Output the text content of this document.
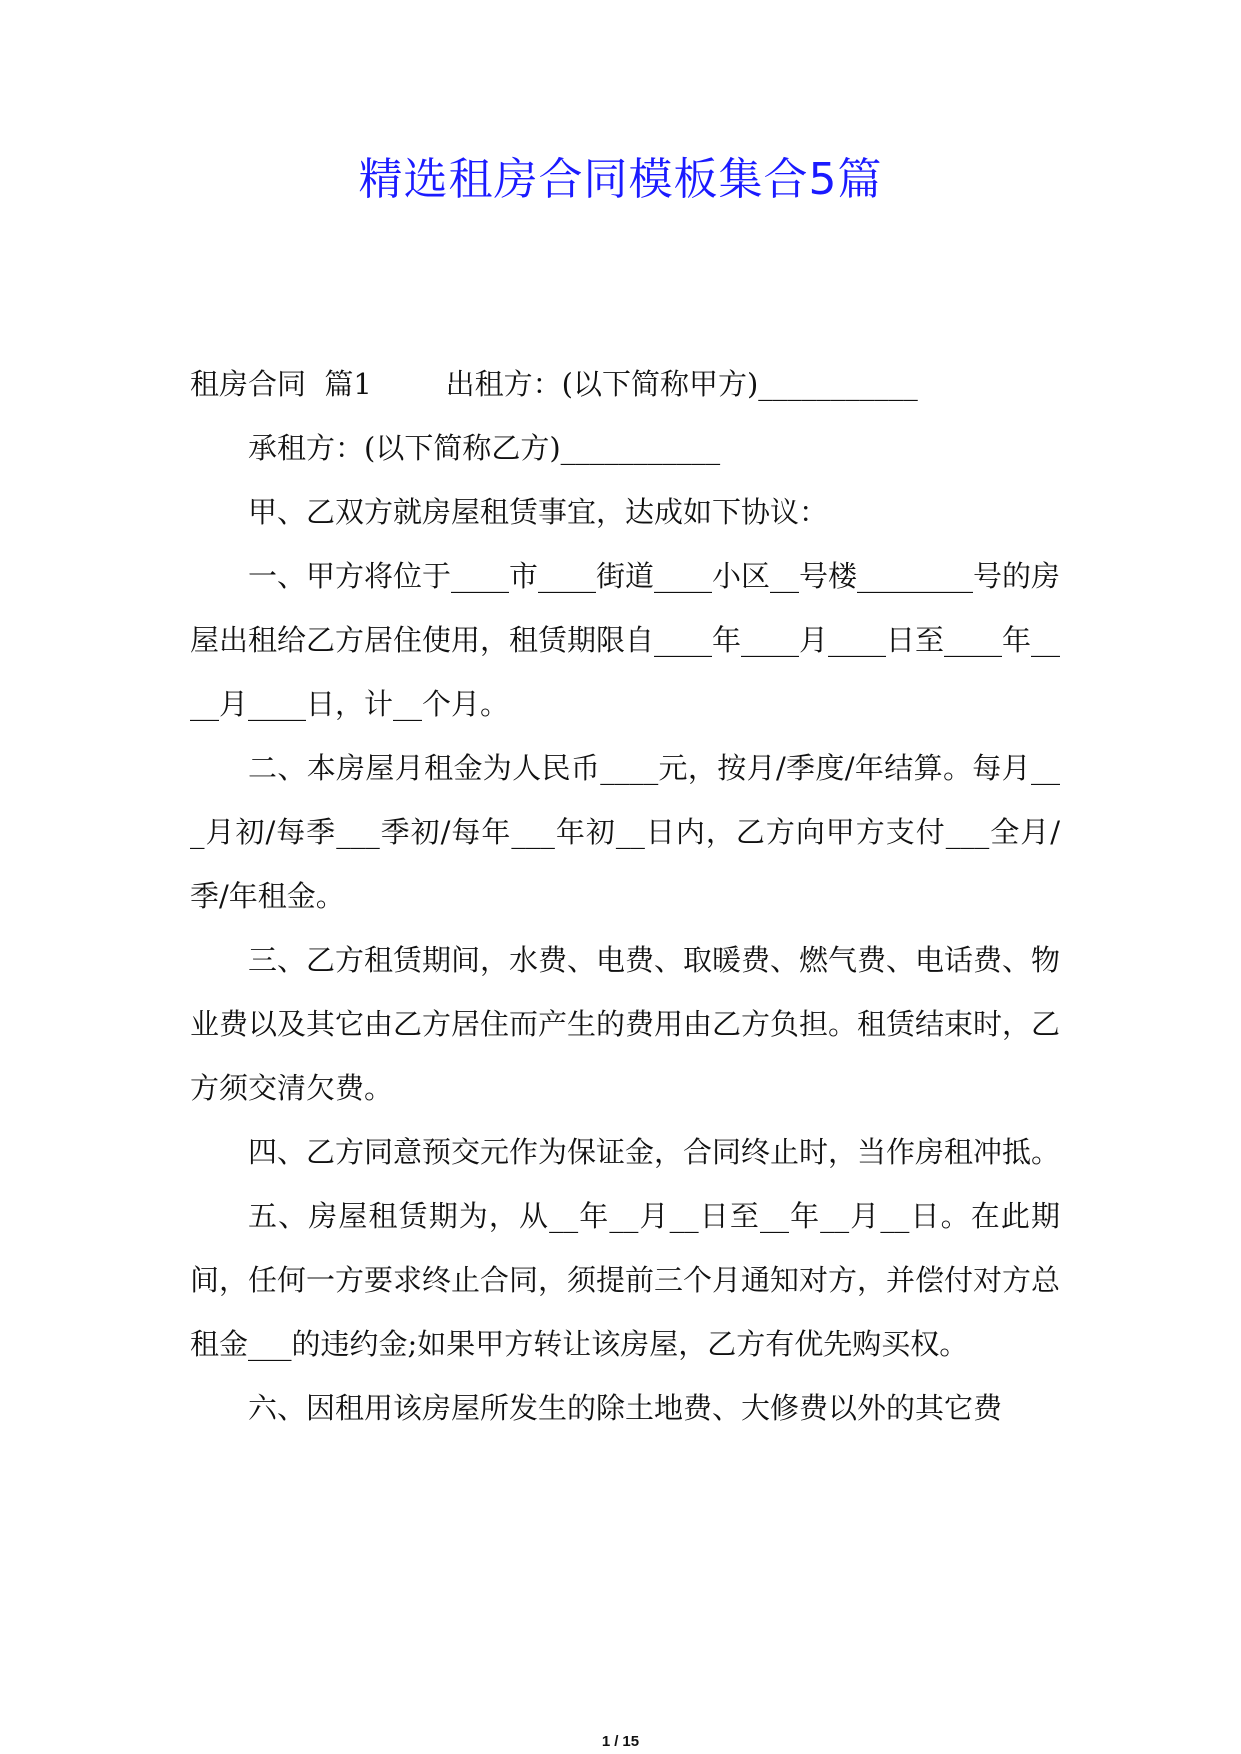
精选租房合同模板集合5篇

租房合同  篇1        出租方：(以下简称甲方)___________

承租方：(以下简称乙方)___________

甲、乙双方就房屋租赁事宜，达成如下协议：

一、甲方将位于____市____街道____小区__号楼________号的房屋出租给乙方居住使用，租赁期限自____年____月____日至____年____月____日，计__个月。

二、本房屋月租金为人民币____元，按月/季度/年结算。每月___月初/每季___季初/每年___年初__日内，乙方向甲方支付___全月/季/年租金。

三、乙方租赁期间，水费、电费、取暖费、燃气费、电话费、物业费以及其它由乙方居住而产生的费用由乙方负担。租赁结束时，乙方须交清欠费。

四、乙方同意预交元作为保证金，合同终止时，当作房租冲抵。

五、房屋租赁期为，从__年__月__日至__年__月__日。在此期间，任何一方要求终止合同，须提前三个月通知对方，并偿付对方总租金___的违约金;如果甲方转让该房屋，乙方有优先购买权。

六、因租用该房屋所发生的除土地费、大修费以外的其它费

1 / 15
